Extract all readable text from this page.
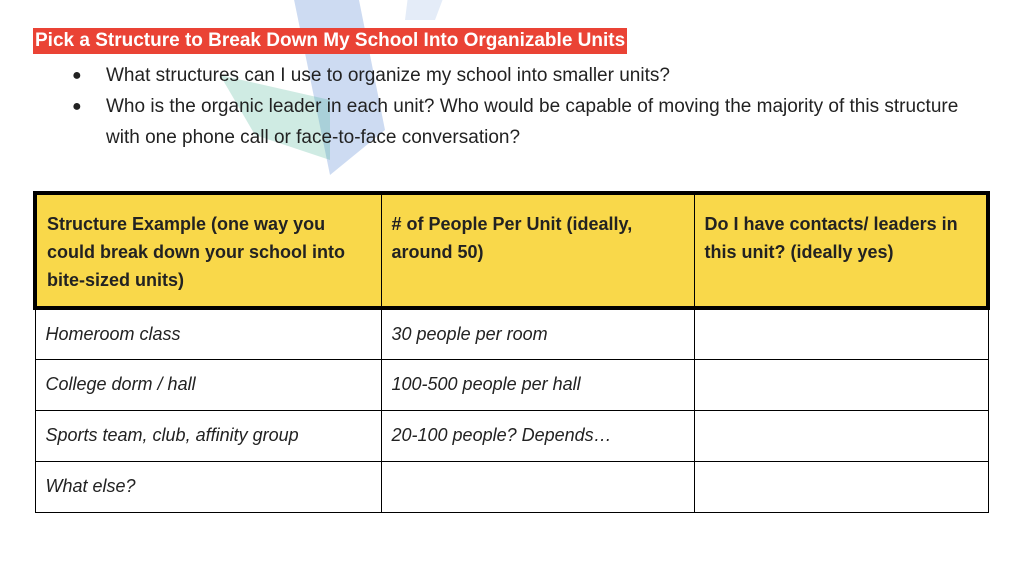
Pick a Structure to Break Down My School Into Organizable Units
● What structures can I use to organize my school into smaller units?
● Who is the organic leader in each unit? Who would be capable of moving the majority of this structure with one phone call or face-to-face conversation?
Structure Example (one way you could break down your school into bite-sized units)	# of People Per Unit (ideally, around 50)	Do I have contacts/ leaders in this unit? (ideally yes)
Homeroom class	30 people per room	
College dorm / hall	100-500 people per hall	
Sports team, club, affinity group	20-100 people? Depends…	
What else?		
